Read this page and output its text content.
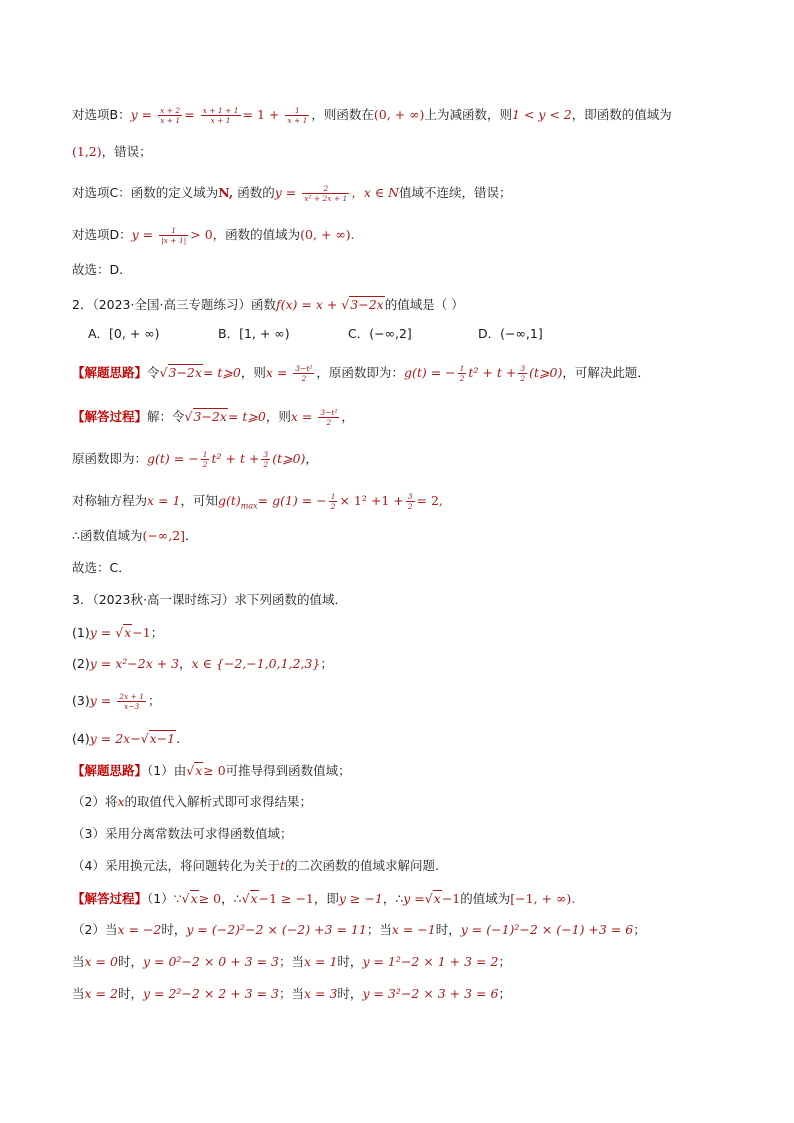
对选项B：$y = \frac{x + 2}{x + 1} = \frac{x + 1 + 1}{x + 1} = 1 + \frac{1}{x + 1}$ ，则函数在(0, + ∞)上为减函数，则1 < y < 2，即函数的值域为
(1,2)，错误；
对选项C：函数的定义域为N, 函数的$y = \frac{2}{\text{x² + 2x + 1}}$ ，x ∈ N值域不连续，错误；
对选项D：$y = \frac{1}{|x + 1|} > 0$，函数的值域为(0, + ∞).
故选：D.
2．（2023·全国·高三专题练习）函数f(x) = x + √3−2x的值域是（ ）
A．[0, + ∞)	B．[1, + ∞)	C．(−∞,2]	D．(−∞,1]
【解题思路】令√3−2x= t⩾0，则$x = \frac{\text{3−t²}}{2}$ ，原函数即为：g(t) = − $\frac{1}{2} t^2 + t + \frac{3}{2}$ (t⩾0)，可解决此题．
【解答过程】解：令√3−2x= t⩾0，则$x = \frac{\text{3−t²}}{2}$ ，
原函数即为：g(t) = − $\frac{1}{2} t^2 + t + \frac{3}{2}$ (t⩾0)，
对称轴方程为x = 1，可知$g(t)_{max}= g(1)$ = − $\frac{1}{2} \times 1^2 +1 + \frac{3}{2} = 2$,
∴函数值域为(−∞,2]．
故选：C．
3．（2023秋·高一课时练习）求下列函数的值域．
(1)y = √x−1；
(2)y = x²−2x + 3，x ∈ {−2,−1,0,1,2,3}；
$(3)y = \frac{2x + 1}{x-3}$ ；
(4)y = 2x−√x−1.
【解题思路】（1）由√x≥ 0可推导得到函数值域；
（2）将x的取值代入解析式即可求得结果；
（3）采用分离常数法可求得函数值域；
（4）采用换元法，将问题转化为关于t的二次函数的值域求解问题.
【解答过程】（1）∵√x≥ 0，∴√x−1 ≥ −1，即y ≥ −1，∴y =√x−1的值域为[−1, + ∞).
（2）当x = −2时，y = (−2)²−2 × (−2) +3 = 11；当x = −1时，y = (−1)²−2 × (−1) +3 = 6；
当x = 0时，y = 0²−2 × 0 + 3 = 3；当x = 1时，y = 1²−2 × 1 + 3 = 2；
当x = 2时，y = 2²−2 × 2 + 3 = 3；当x = 3时，y = 3²−2 × 3 + 3 = 6；
